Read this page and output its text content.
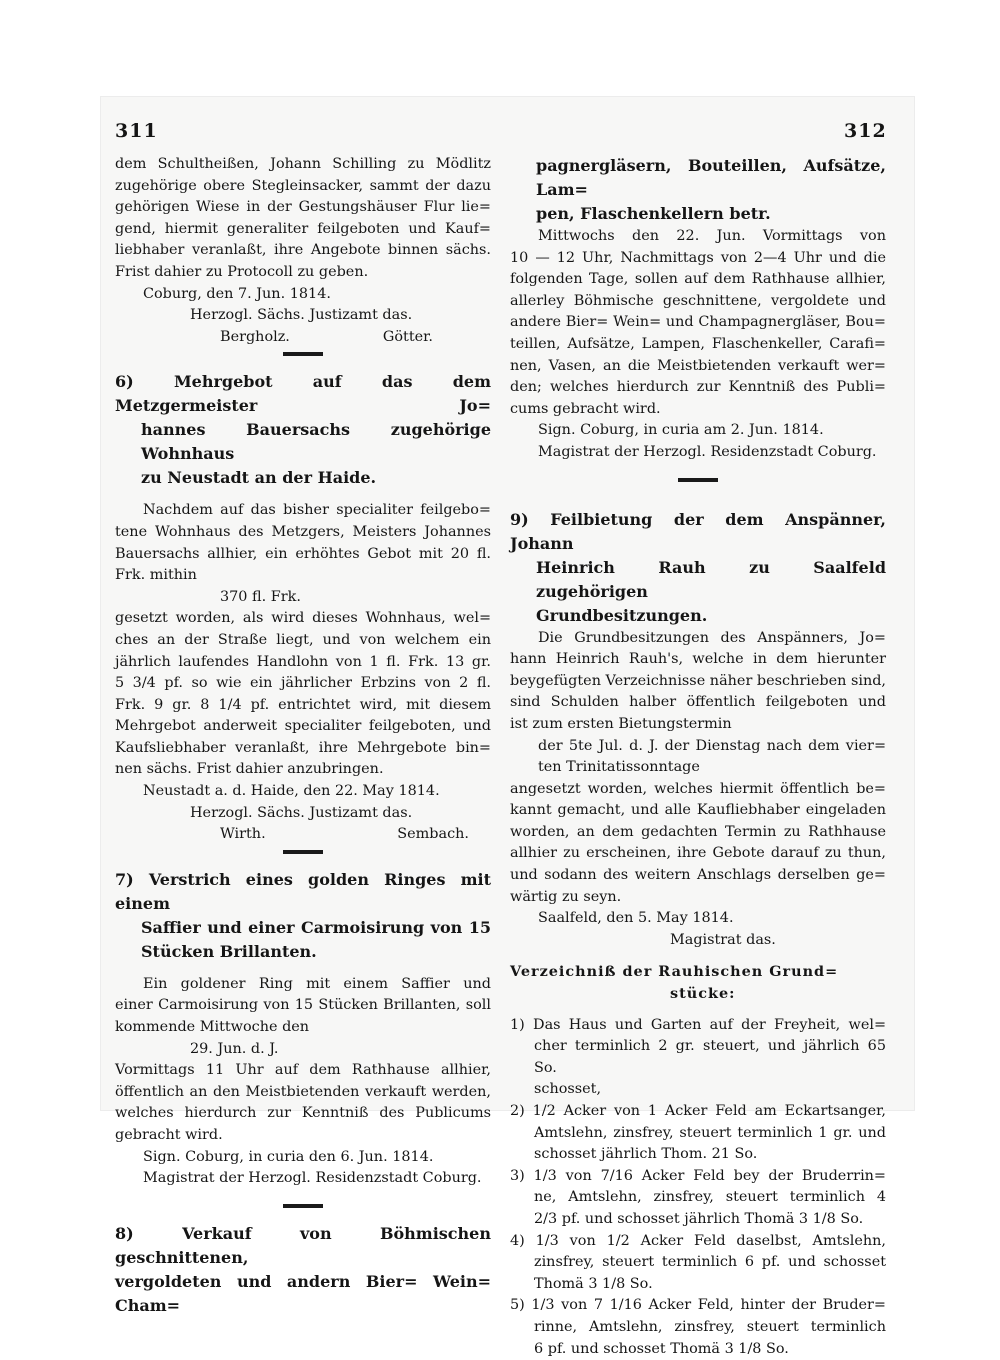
311	312

dem Schultheißen, Johann Schilling zu Mödlitz

zugehörige obere Stegleinsacker, sammt der dazu

gehörigen Wiese in der Gestungshäuser Flur lie=

gend, hiermit generaliter feilgeboten und Kauf=

liebhaber veranlaßt, ihre Angebote binnen sächs.

Frist dahier zu Protocoll zu geben.

Coburg, den 7. Jun. 1814.

Herzogl. Sächs. Justizamt das.

Bergholz.	Götter.

6) Mehrgebot auf das dem Metzgermeister Jo=

hannes Bauersachs zugehörige Wohnhaus

zu Neustadt an der Haide.

Nachdem auf das bisher specialiter feilgebo=

tene Wohnhaus des Metzgers, Meisters Johannes

Bauersachs allhier, ein erhöhtes Gebot mit 20 fl.

Frk. mithin

370 fl. Frk.

gesetzt worden, als wird dieses Wohnhaus, wel=

ches an der Straße liegt, und von welchem ein

jährlich laufendes Handlohn von 1 fl. Frk. 13 gr.

5 3/4 pf. so wie ein jährlicher Erbzins von 2 fl.

Frk. 9 gr. 8 1/4 pf. entrichtet wird, mit diesem

Mehrgebot anderweit specialiter feilgeboten, und

Kaufsliebhaber veranlaßt, ihre Mehrgebote bin=

nen sächs. Frist dahier anzubringen.

Neustadt a. d. Haide, den 22. May 1814.

Herzogl. Sächs. Justizamt das.

Wirth.	Sembach.

7) Verstrich eines golden Ringes mit einem

Saffier und einer Carmoisirung von 15

Stücken Brillanten.

Ein goldener Ring mit einem Saffier und

einer Carmoisirung von 15 Stücken Brillanten, soll

kommende Mittwoche den

29. Jun. d. J.

Vormittags 11 Uhr auf dem Rathhause allhier,

öffentlich an den Meistbietenden verkauft werden,

welches hierdurch zur Kenntniß des Publicums

gebracht wird.

Sign. Coburg, in curia den 6. Jun. 1814.

Magistrat der Herzogl. Residenzstadt Coburg.

8) Verkauf von Böhmischen geschnittenen,

vergoldeten und andern Bier= Wein= Cham=

pagnergläsern, Bouteillen, Aufsätze, Lam=

pen, Flaschenkellern betr.

Mittwochs den 22. Jun. Vormittags von

10 — 12 Uhr, Nachmittags von 2—4 Uhr und die

folgenden Tage, sollen auf dem Rathhause allhier,

allerley Böhmische geschnittene, vergoldete und

andere Bier= Wein= und Champagnergläser, Bou=

teillen, Aufsätze, Lampen, Flaschenkeller, Carafi=

nen, Vasen, an die Meistbietenden verkauft wer=

den; welches hierdurch zur Kenntniß des Publi=

cums gebracht wird.

Sign. Coburg, in curia am 2. Jun. 1814.

Magistrat der Herzogl. Residenzstadt Coburg.

9) Feilbietung der dem Anspänner, Johann

Heinrich Rauh zu Saalfeld zugehörigen

Grundbesitzungen.

Die Grundbesitzungen des Anspänners, Jo=

hann Heinrich Rauh's, welche in dem hierunter

beygefügten Verzeichnisse näher beschrieben sind,

sind Schulden halber öffentlich feilgeboten und

ist zum ersten Bietungstermin

der 5te Jul. d. J. der Dienstag nach dem vier=

ten Trinitatissonntage

angesetzt worden, welches hiermit öffentlich be=

kannt gemacht, und alle Kaufliebhaber eingeladen

worden, an dem gedachten Termin zu Rathhause

allhier zu erscheinen, ihre Gebote darauf zu thun,

und sodann des weitern Anschlags derselben ge=

wärtig zu seyn.

Saalfeld, den 5. May 1814.

Magistrat das.

Verzeichniß der Rauhischen Grund=

stücke:

1) Das Haus und Garten auf der Freyheit, wel=

cher terminlich 2 gr. steuert, und jährlich 65 So.

schosset,

2) 1/2 Acker von 1 Acker Feld am Eckartsanger,

Amtslehn, zinsfrey, steuert terminlich 1 gr. und

schosset jährlich Thom. 21 So.

3) 1/3 von 7/16 Acker Feld bey der Bruderrin=

ne, Amtslehn, zinsfrey, steuert terminlich 4

2/3 pf. und schosset jährlich Thomä 3 1/8 So.

4) 1/3 von 1/2 Acker Feld daselbst, Amtslehn,

zinsfrey, steuert terminlich 6 pf. und schosset

Thomä 3 1/8 So.

5) 1/3 von 7 1/16 Acker Feld, hinter der Bruder=

rinne, Amtslehn, zinsfrey, steuert terminlich

6 pf. und schosset Thomä 3 1/8 So.
